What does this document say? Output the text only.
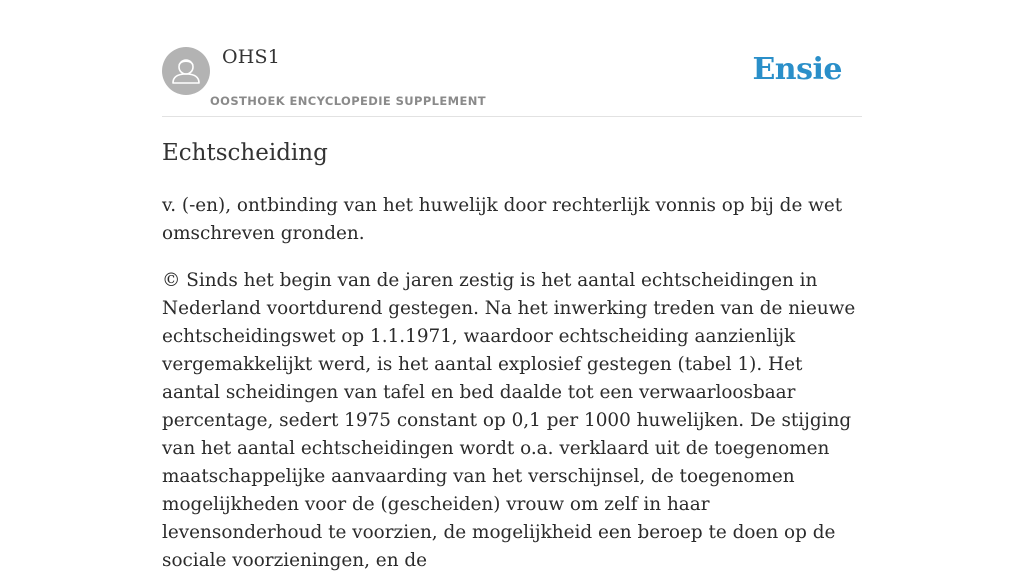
OHS1
OOSTHOEK ENCYCLOPEDIE SUPPLEMENT
Ensie
Echtscheiding

v. (-en), ontbinding van het huwelijk door rechterlijk vonnis op bij de wet omschreven gronden.

© Sinds het begin van de jaren zestig is het aantal echtscheidingen in Nederland voortdurend gestegen. Na het inwerking treden van de nieuwe echtscheidingswet op 1.1.1971, waardoor echtscheiding aanzienlijk vergemakkelijkt werd, is het aantal explosief gestegen (tabel 1). Het aantal scheidingen van tafel en bed daalde tot een verwaarloosbaar percentage, sedert 1975 constant op 0,1 per 1000 huwelijken. De stijging van het aantal echtscheidingen wordt o.a. verklaard uit de toegenomen maatschappelijke aanvaarding van het verschijnsel, de toegenomen mogelijkheden voor de (gescheiden) vrouw om zelf in haar levensonderhoud te voorzien, de mogelijkheid een beroep te doen op de sociale voorzieningen, en de
